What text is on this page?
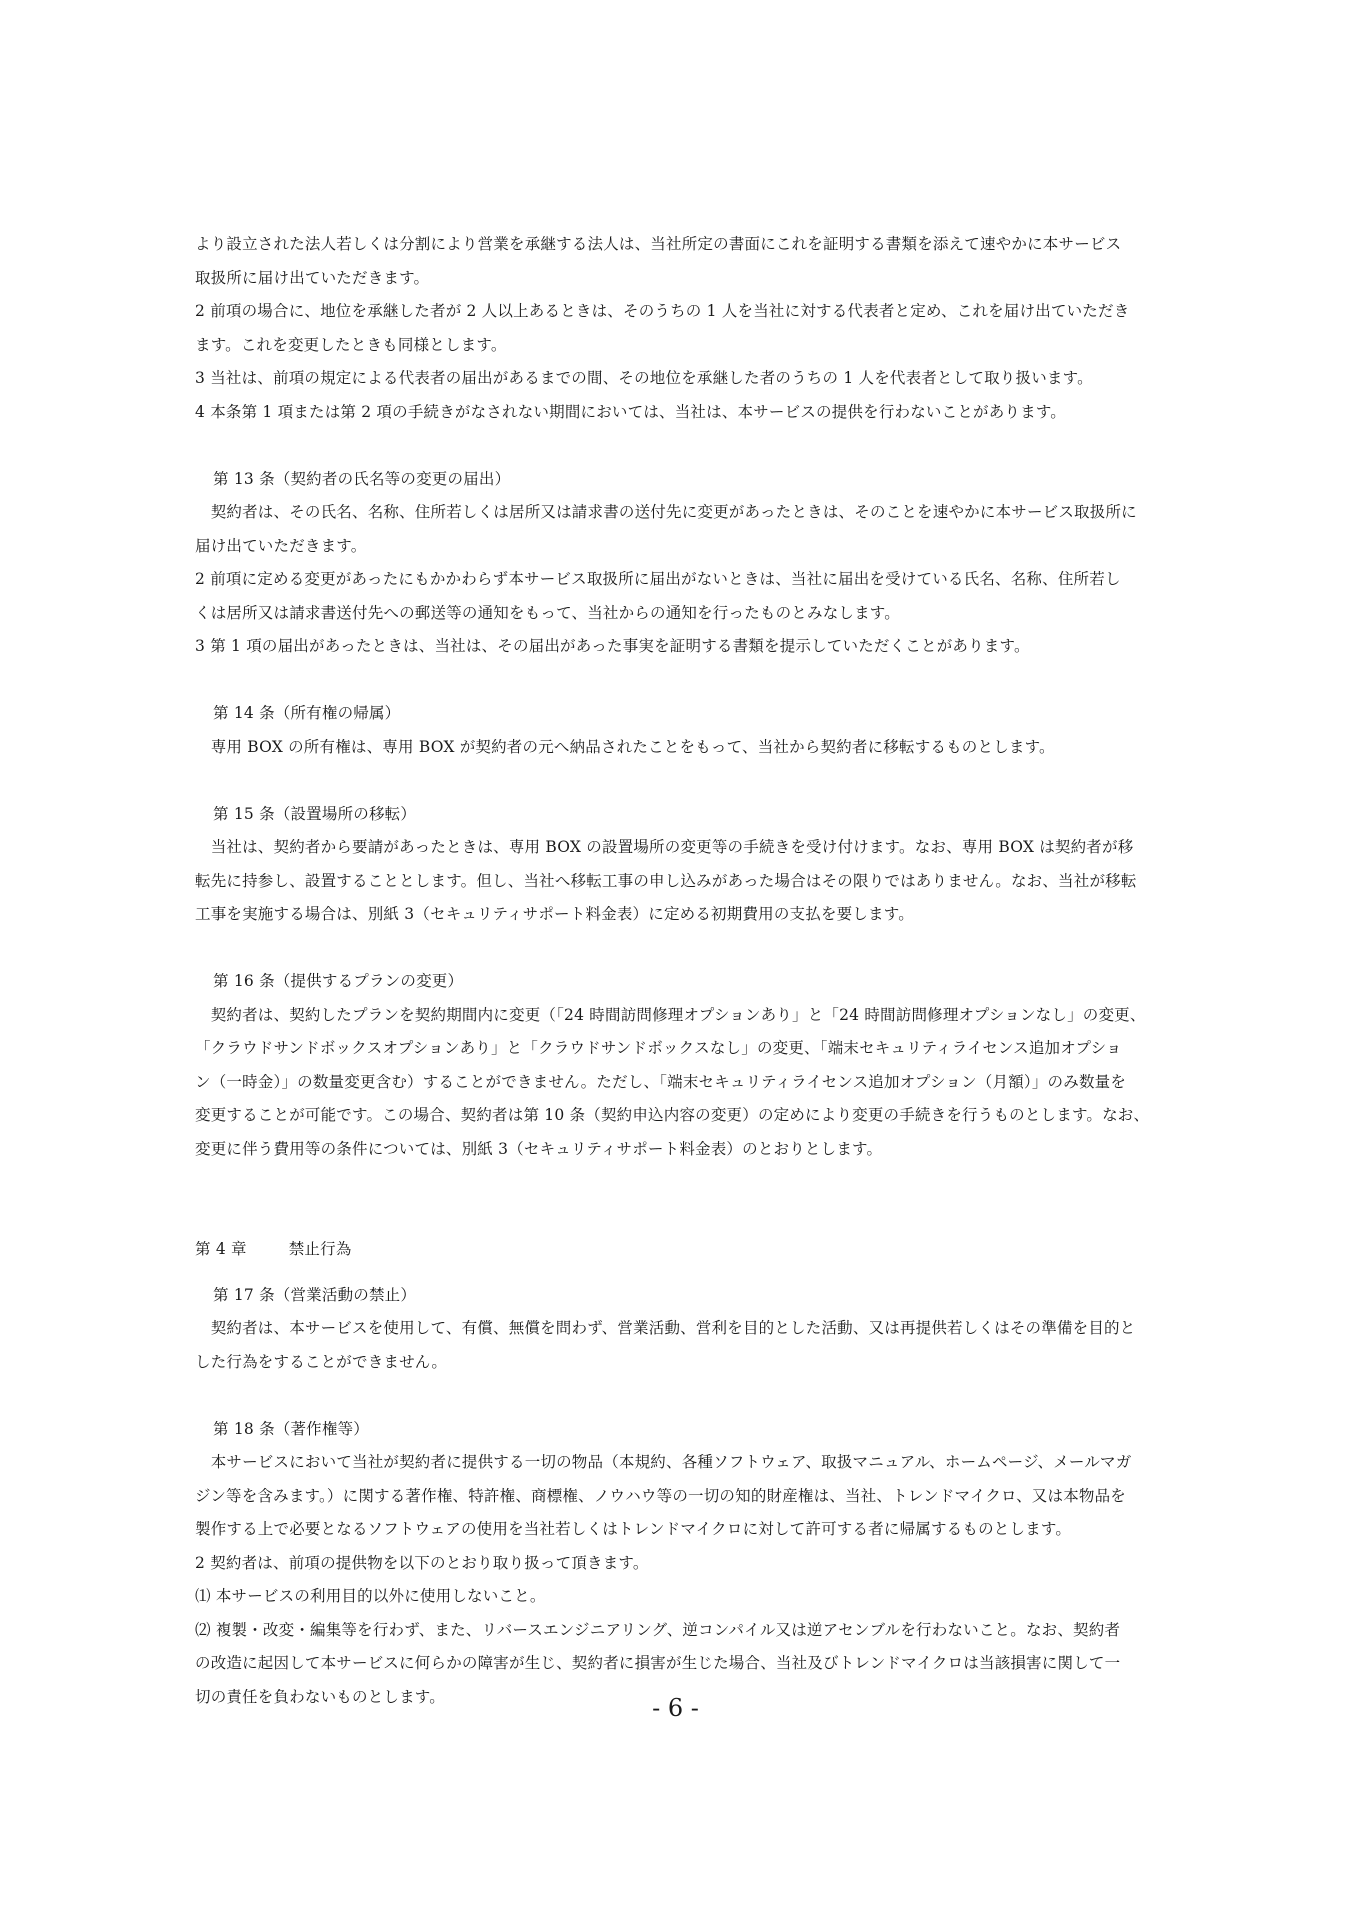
より設立された法人若しくは分割により営業を承継する法人は、当社所定の書面にこれを証明する書類を添えて速やかに本サービス
取扱所に届け出ていただきます。
2 前項の場合に、地位を承継した者が 2 人以上あるときは、そのうちの 1 人を当社に対する代表者と定め、これを届け出ていただき
ます。これを変更したときも同様とします。
3 当社は、前項の規定による代表者の届出があるまでの間、その地位を承継した者のうちの 1 人を代表者として取り扱います。
4 本条第 1 項または第 2 項の手続きがなされない期間においては、当社は、本サービスの提供を行わないことがあります。
第 13 条（契約者の氏名等の変更の届出）
　契約者は、その氏名、名称、住所若しくは居所又は請求書の送付先に変更があったときは、そのことを速やかに本サービス取扱所に
届け出ていただきます。
2 前項に定める変更があったにもかかわらず本サービス取扱所に届出がないときは、当社に届出を受けている氏名、名称、住所若し
くは居所又は請求書送付先への郵送等の通知をもって、当社からの通知を行ったものとみなします。
3 第 1 項の届出があったときは、当社は、その届出があった事実を証明する書類を提示していただくことがあります。
第 14 条（所有権の帰属）
　専用 BOX の所有権は、専用 BOX が契約者の元へ納品されたことをもって、当社から契約者に移転するものとします。
第 15 条（設置場所の移転）
　当社は、契約者から要請があったときは、専用 BOX の設置場所の変更等の手続きを受け付けます。なお、専用 BOX は契約者が移
転先に持参し、設置することとします。但し、当社へ移転工事の申し込みがあった場合はその限りではありません。なお、当社が移転
工事を実施する場合は、別紙 3（セキュリティサポート料金表）に定める初期費用の支払を要します。
第 16 条（提供するプランの変更）
　契約者は、契約したプランを契約期間内に変更（「24 時間訪問修理オプションあり」と「24 時間訪問修理オプションなし」の変更、
「クラウドサンドボックスオプションあり」と「クラウドサンドボックスなし」の変更、「端末セキュリティライセンス追加オプショ
ン（一時金）」の数量変更含む）することができません。ただし、「端末セキュリティライセンス追加オプション（月額）」のみ数量を
変更することが可能です。この場合、契約者は第 10 条（契約申込内容の変更）の定めにより変更の手続きを行うものとします。なお、
変更に伴う費用等の条件については、別紙 3（セキュリティサポート料金表）のとおりとします。
第 4 章	禁止行為
第 17 条（営業活動の禁止）
　契約者は、本サービスを使用して、有償、無償を問わず、営業活動、営利を目的とした活動、又は再提供若しくはその準備を目的と
した行為をすることができません。
第 18 条（著作権等）
　本サービスにおいて当社が契約者に提供する一切の物品（本規約、各種ソフトウェア、取扱マニュアル、ホームページ、メールマガ
ジン等を含みます。）に関する著作権、特許権、商標権、ノウハウ等の一切の知的財産権は、当社、トレンドマイクロ、又は本物品を
製作する上で必要となるソフトウェアの使用を当社若しくはトレンドマイクロに対して許可する者に帰属するものとします。
2 契約者は、前項の提供物を以下のとおり取り扱って頂きます。
⑴ 本サービスの利用目的以外に使用しないこと。
⑵ 複製・改変・編集等を行わず、また、リバースエンジニアリング、逆コンパイル又は逆アセンブルを行わないこと。なお、契約者
の改造に起因して本サービスに何らかの障害が生じ、契約者に損害が生じた場合、当社及びトレンドマイクロは当該損害に関して一
切の責任を負わないものとします。	- 6 -
